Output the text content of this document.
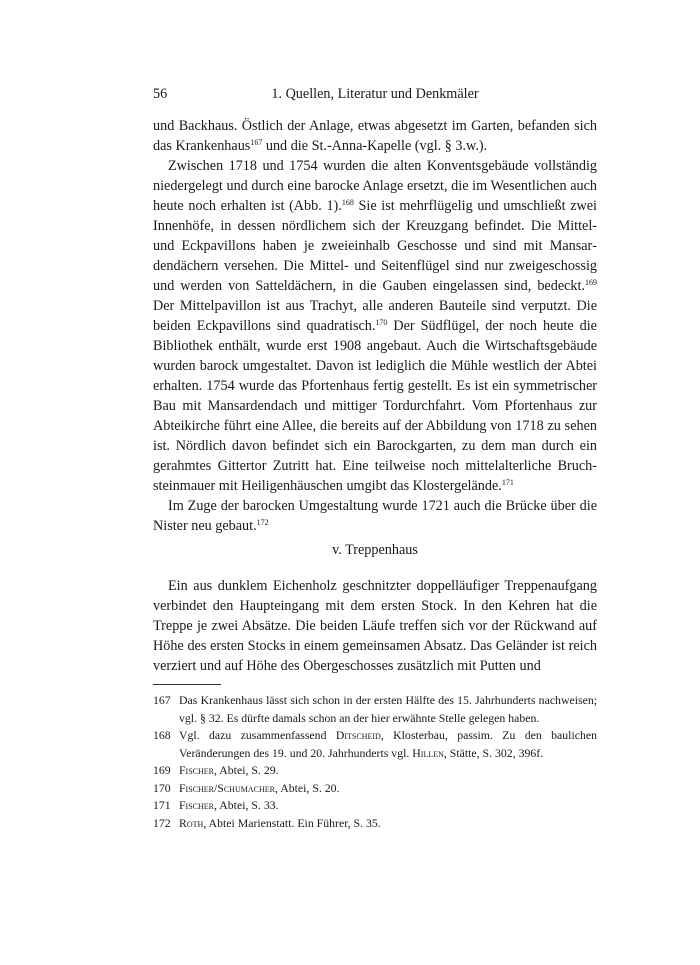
56	1. Quellen, Literatur und Denkmäler

und Backhaus. Östlich der Anlage, etwas abgesetzt im Garten, befanden sich das Krankenhaus$^{167}$ und die St.-Anna-Kapelle (vgl. § 3.w.).

Zwischen 1718 und 1754 wurden die alten Konventsgebäude vollständig niedergelegt und durch eine barocke Anlage ersetzt, die im Wesentlichen auch heute noch erhalten ist (Abb. 1).$^{168}$ Sie ist mehrflügelig und umschließt zwei Innenhöfe, in dessen nördlichem sich der Kreuzgang befindet. Die Mittel- und Eckpavillons haben je zweieinhalb Geschosse und sind mit Mansardendächern versehen. Die Mittel- und Seitenflügel sind nur zweigeschossig und werden von Satteldächern, in die Gauben eingelassen sind, bedeckt.$^{169}$ Der Mittelpavillon ist aus Trachyt, alle anderen Bauteile sind verputzt. Die beiden Eckpavillons sind quadratisch.$^{170}$ Der Südflügel, der noch heute die Bibliothek enthält, wurde erst 1908 angebaut. Auch die Wirtschaftsgebäude wurden barock umgestaltet. Davon ist lediglich die Mühle westlich der Abtei erhalten. 1754 wurde das Pfortenhaus fertig gestellt. Es ist ein symmetrischer Bau mit Mansardendach und mittiger Tordurchfahrt. Vom Pfortenhaus zur Abteikirche führt eine Allee, die bereits auf der Abbildung von 1718 zu sehen ist. Nördlich davon befindet sich ein Barockgarten, zu dem man durch ein gerahmtes Gittertor Zutritt hat. Eine teilweise noch mittelalterliche Bruchsteinmauer mit Heiligenhäuschen umgibt das Klostergelände.$^{171}$

Im Zuge der barocken Umgestaltung wurde 1721 auch die Brücke über die Nister neu gebaut.$^{172}$

v. Treppenhaus

Ein aus dunklem Eichenholz geschnitzter doppelläufiger Treppenaufgang verbindet den Haupteingang mit dem ersten Stock. In den Kehren hat die Treppe je zwei Absätze. Die beiden Läufe treffen sich vor der Rückwand auf Höhe des ersten Stocks in einem gemeinsamen Absatz. Das Geländer ist reich verziert und auf Höhe des Obergeschosses zusätzlich mit Putten und

167 Das Krankenhaus lässt sich schon in der ersten Hälfte des 15. Jahrhunderts nachweisen; vgl. § 32. Es dürfte damals schon an der hier erwähnte Stelle gelegen haben.
168 Vgl. dazu zusammenfassend Ditscheid, Klosterbau, passim. Zu den baulichen Veränderungen des 19. und 20. Jahrhunderts vgl. Hillen, Stätte, S. 302, 396f.
169 Fischer, Abtei, S. 29.
170 Fischer/Schumacher, Abtei, S. 20.
171 Fischer, Abtei, S. 33.
172 Roth, Abtei Marienstatt. Ein Führer, S. 35.
